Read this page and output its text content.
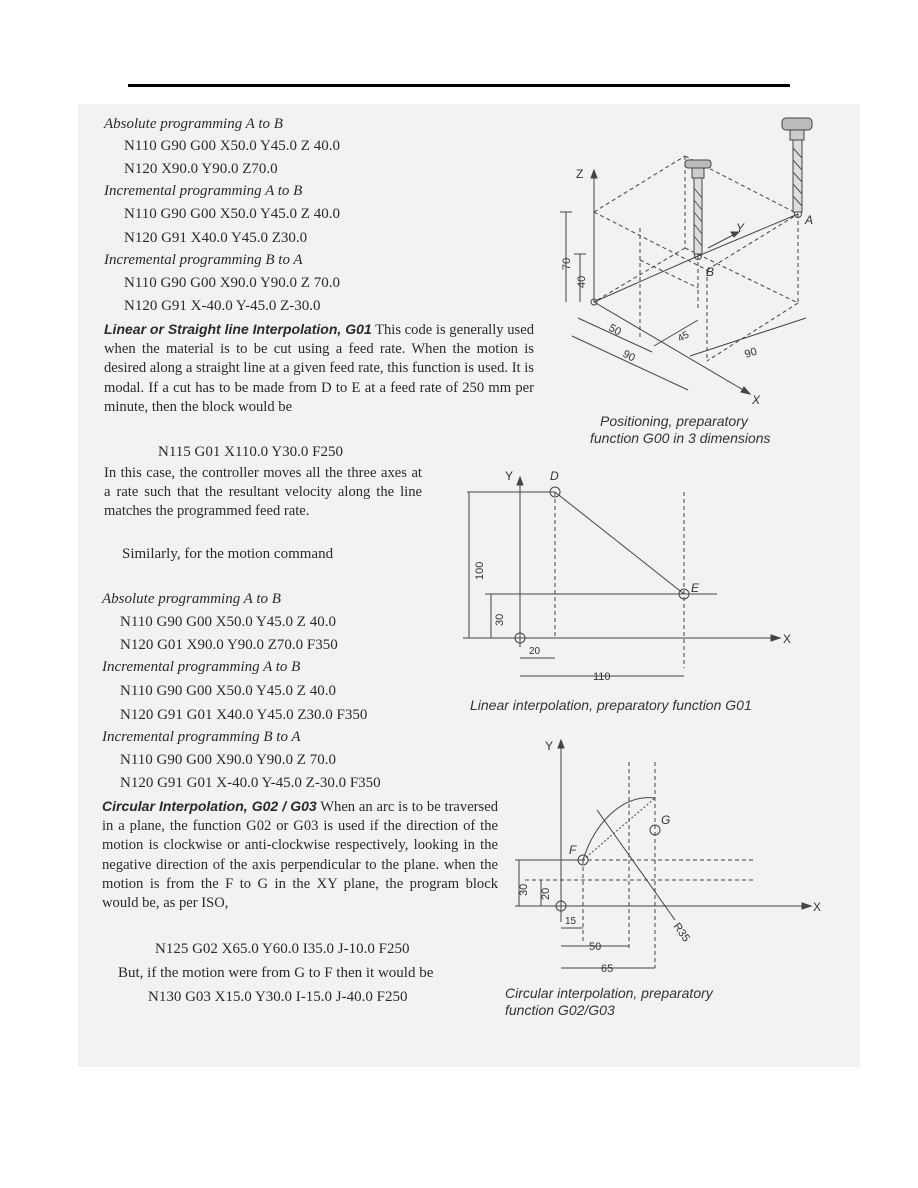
Absolute programming A to B
N110 G90 G00 X50.0 Y45.0 Z 40.0
N120 X90.0 Y90.0 Z70.0
Incremental programming A to B
N110 G90 G00 X50.0 Y45.0 Z 40.0
N120 G91 X40.0 Y45.0 Z30.0
Incremental programming B to A
N110 G90 G00 X90.0 Y90.0 Z 70.0
N120 G91 X-40.0 Y-45.0 Z-30.0
Linear or Straight line Interpolation, G01 This code is generally used when the material is to be cut using a feed rate. When the motion is desired along a straight line at a given feed rate, this function is used. It is modal. If a cut has to be made from D to E at a feed rate of 250 mm per minute, then the block would be
N115 G01 X110.0 Y30.0 F250
In this case, the controller moves all the three axes at a rate such that the resultant velocity along the line matches the programmed feed rate.
Similarly, for the motion command
Absolute programming A to B
N110 G90 G00 X50.0 Y45.0 Z 40.0
N120 G01 X90.0 Y90.0 Z70.0 F350
Incremental programming A to B
N110 G90 G00 X50.0 Y45.0 Z 40.0
N120 G91 G01 X40.0 Y45.0 Z30.0 F350
Incremental programming B to A
N110 G90 G00 X90.0 Y90.0 Z 70.0
N120 G91 G01 X-40.0 Y-45.0 Z-30.0 F350
Circular Interpolation, G02 / G03 When an arc is to be traversed in a plane, the function G02 or G03 is used if the direction of the motion is clockwise or anti-clockwise respectively, looking in the negative direction of the axis perpendicular to the plane. when the motion is from the F to G in the XY plane, the program block would be, as per ISO,
N125 G02 X65.0 Y60.0 I35.0 J-10.0 F250
But, if the motion were from G to F then it would be
N130 G03 X15.0 Y30.0 I-15.0 J-40.0 F250
Z
Y
X
A
B
70
40
50	45
90	90
Positioning, preparatory
function G00 in 3 dimensions
Y
X
D
E
100
30
20
110
Linear interpolation, preparatory function G01
Y
X
F
G
30 20
15
50
65
R35
Circular interpolation, preparatory
function G02/G03
